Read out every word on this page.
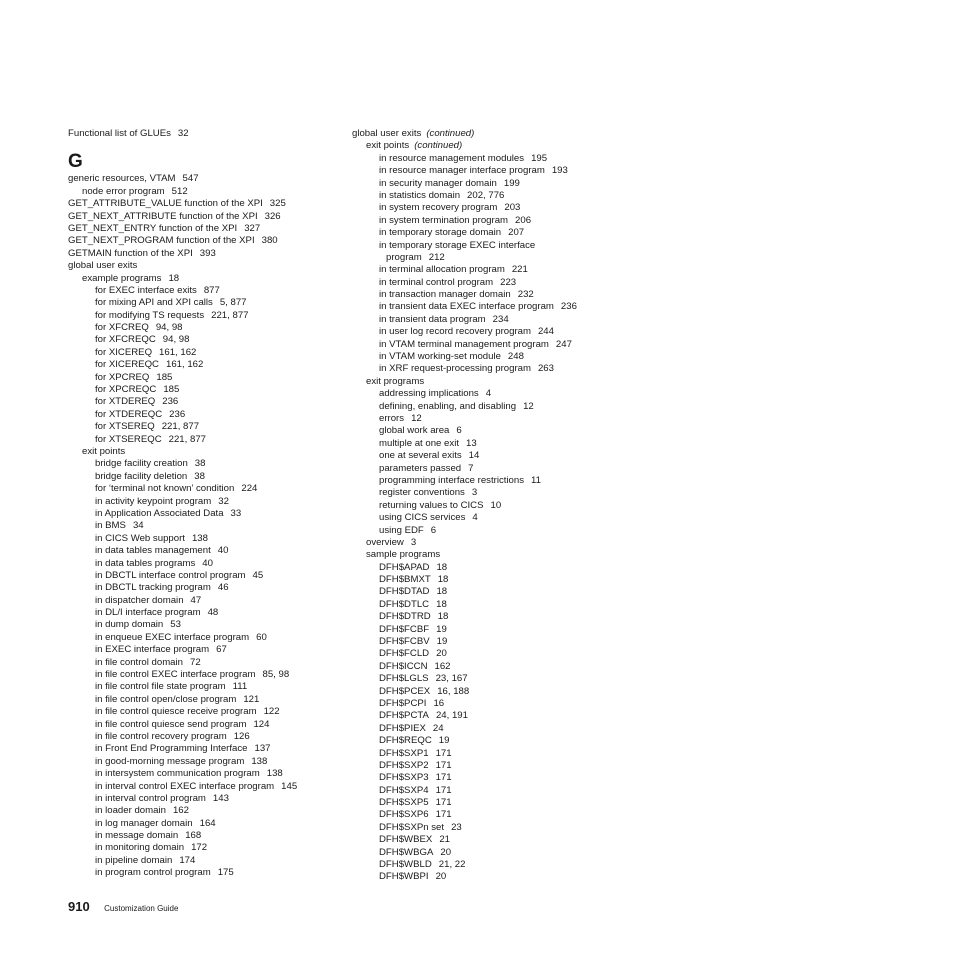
Functional list of GLUEs 32
G
generic resources, VTAM 547
node error program 512
GET_ATTRIBUTE_VALUE function of the XPI 325
GET_NEXT_ATTRIBUTE function of the XPI 326
GET_NEXT_ENTRY function of the XPI 327
GET_NEXT_PROGRAM function of the XPI 380
GETMAIN function of the XPI 393
global user exits
example programs 18
for EXEC interface exits 877
for mixing API and XPI calls 5, 877
for modifying TS requests 221, 877
for XFCREQ 94, 98
for XFCREQC 94, 98
for XICEREQ 161, 162
for XICEREQC 161, 162
for XPCREQ 185
for XPCREQC 185
for XTDEREQ 236
for XTDEREQC 236
for XTSEREQ 221, 877
for XTSEREQC 221, 877
exit points
bridge facility creation 38
bridge facility deletion 38
for ‘terminal not known’ condition 224
in activity keypoint program 32
in Application Associated Data 33
in BMS 34
in CICS Web support 138
in data tables management 40
in data tables programs 40
in DBCTL interface control program 45
in DBCTL tracking program 46
in dispatcher domain 47
in DL/I interface program 48
in dump domain 53
in enqueue EXEC interface program 60
in EXEC interface program 67
in file control domain 72
in file control EXEC interface program 85, 98
in file control file state program 111
in file control open/close program 121
in file control quiesce receive program 122
in file control quiesce send program 124
in file control recovery program 126
in Front End Programming Interface 137
in good-morning message program 138
in intersystem communication program 138
in interval control EXEC interface program 145
in interval control program 143
in loader domain 162
in log manager domain 164
in message domain 168
in monitoring domain 172
in pipeline domain 174
in program control program 175
global user exits (continued)
exit points (continued)
in resource management modules 195
in resource manager interface program 193
in security manager domain 199
in statistics domain 202, 776
in system recovery program 203
in system termination program 206
in temporary storage domain 207
in temporary storage EXEC interface
program 212
in terminal allocation program 221
in terminal control program 223
in transaction manager domain 232
in transient data EXEC interface program 236
in transient data program 234
in user log record recovery program 244
in VTAM terminal management program 247
in VTAM working-set module 248
in XRF request-processing program 263
exit programs
addressing implications 4
defining, enabling, and disabling 12
errors 12
global work area 6
multiple at one exit 13
one at several exits 14
parameters passed 7
programming interface restrictions 11
register conventions 3
returning values to CICS 10
using CICS services 4
using EDF 6
overview 3
sample programs
DFH$APAD 18
DFH$BMXT 18
DFH$DTAD 18
DFH$DTLC 18
DFH$DTRD 18
DFH$FCBF 19
DFH$FCBV 19
DFH$FCLD 20
DFH$ICCN 162
DFH$LGLS 23, 167
DFH$PCEX 16, 188
DFH$PCPI 16
DFH$PCTA 24, 191
DFH$PIEX 24
DFH$REQC 19
DFH$SXP1 171
DFH$SXP2 171
DFH$SXP3 171
DFH$SXP4 171
DFH$SXP5 171
DFH$SXP6 171
DFH$SXPn set 23
DFH$WBEX 21
DFH$WBGA 20
DFH$WBLD 21, 22
DFH$WBPI 20
910 Customization Guide
